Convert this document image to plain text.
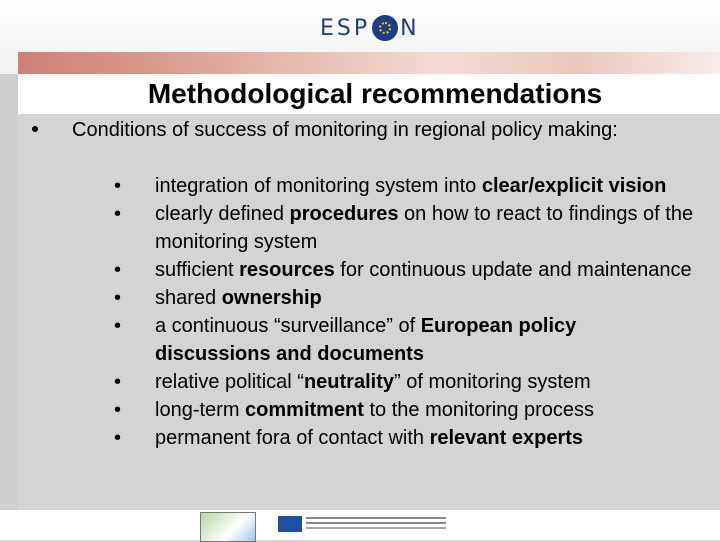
ESP N
Methodological recommendations

Conditions of success of monitoring in regional policy making:

• integration of monitoring system into clear/explicit vision
• clearly defined procedures on how to react to findings of the monitoring system
• sufficient resources for continuous update and maintenance
• shared ownership
• a continuous “surveillance” of European policy discussions and documents
• relative political “neutrality” of monitoring system
• long-term commitment to the monitoring process
• permanent fora of contact with relevant experts
